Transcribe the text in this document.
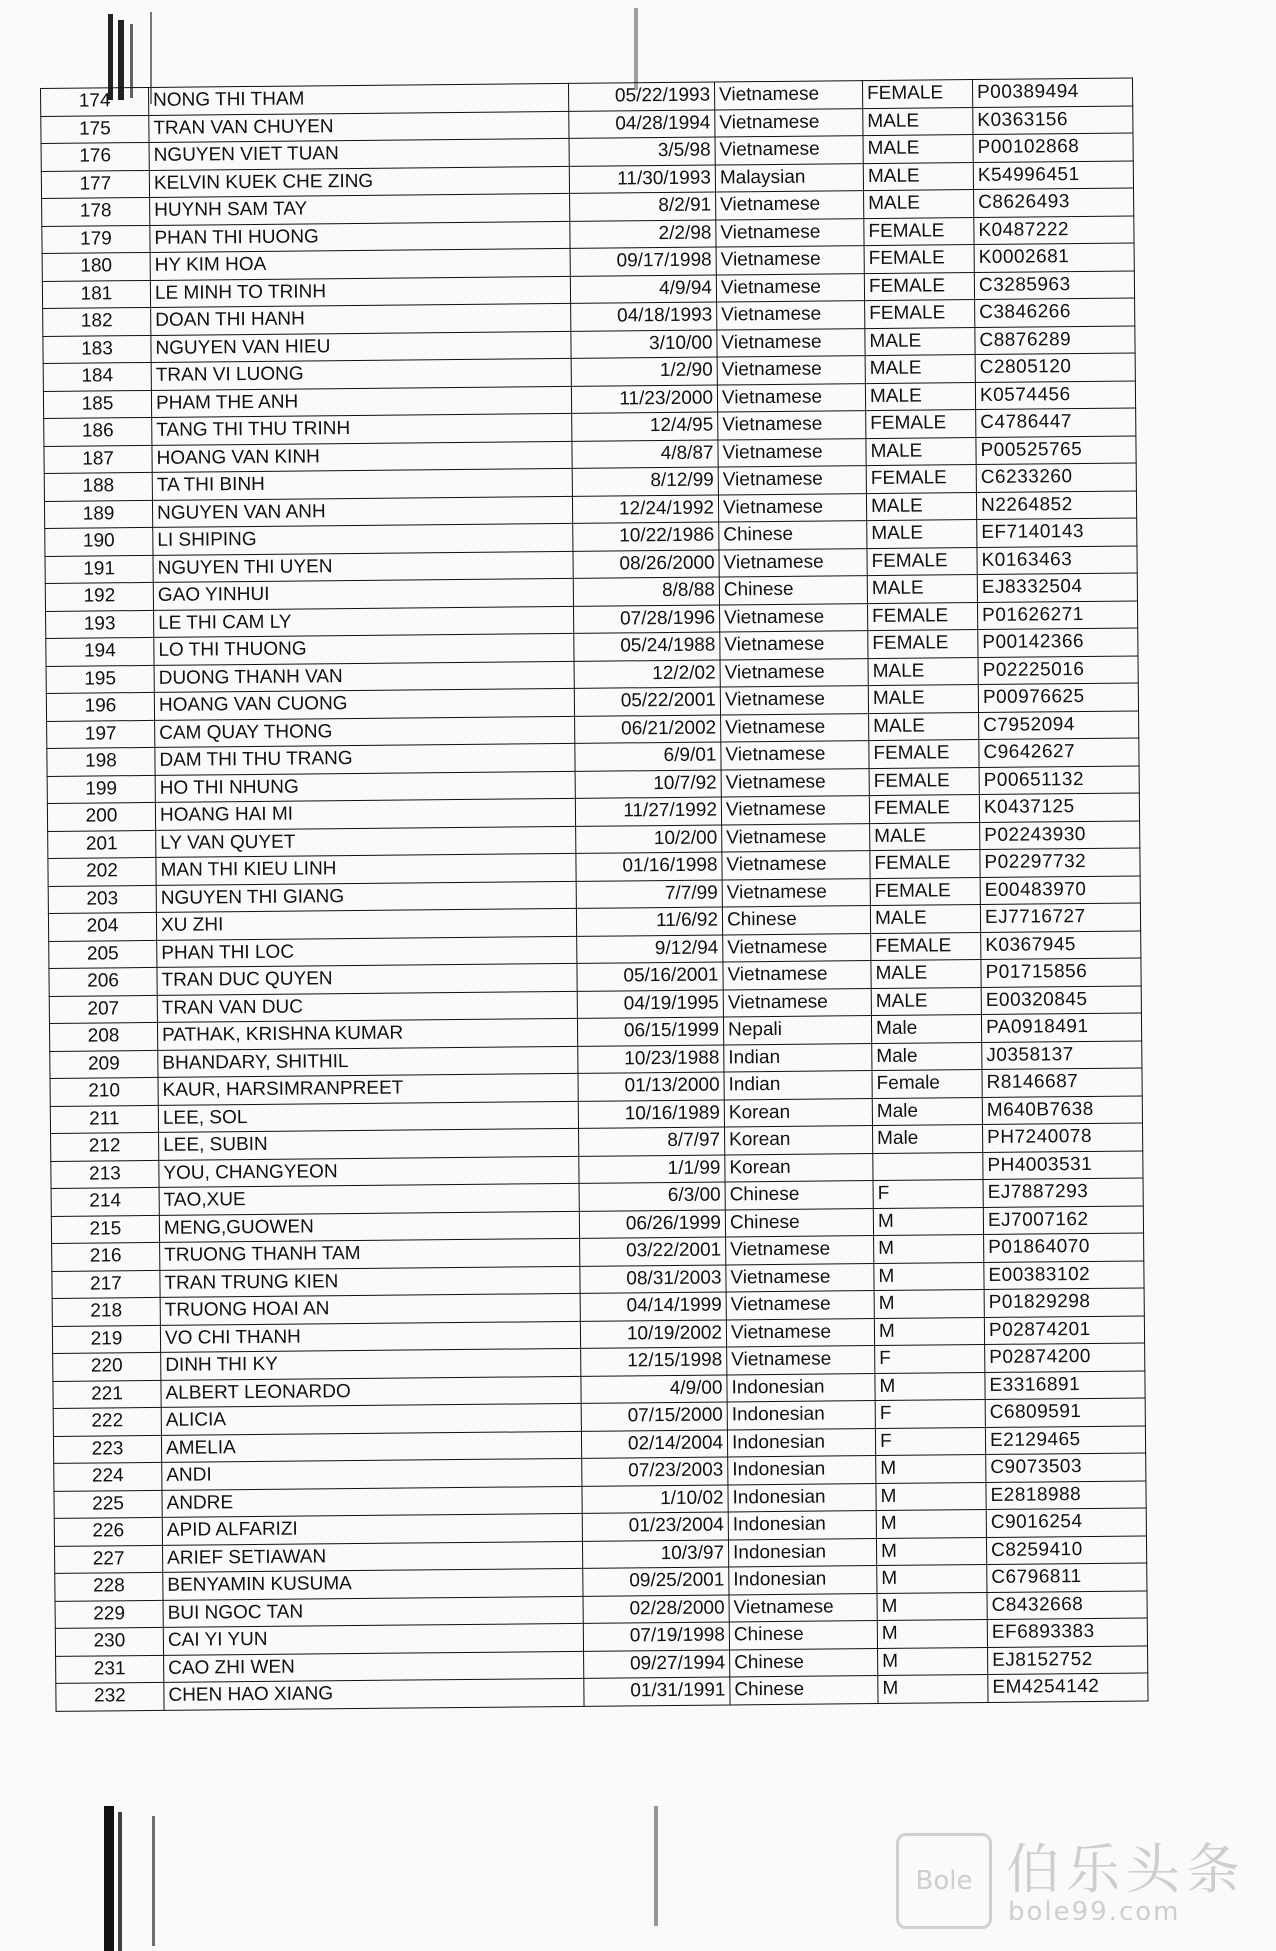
174	NONG THI THAM	05/22/1993	Vietnamese	FEMALE	P00389494
175	TRAN VAN CHUYEN	04/28/1994	Vietnamese	MALE	K0363156
176	NGUYEN VIET TUAN	3/5/98	Vietnamese	MALE	P00102868
177	KELVIN KUEK CHE ZING	11/30/1993	Malaysian	MALE	K54996451
178	HUYNH SAM TAY	8/2/91	Vietnamese	MALE	C8626493
179	PHAN THI HUONG	2/2/98	Vietnamese	FEMALE	K0487222
180	HY KIM HOA	09/17/1998	Vietnamese	FEMALE	K0002681
181	LE MINH TO TRINH	4/9/94	Vietnamese	FEMALE	C3285963
182	DOAN THI HANH	04/18/1993	Vietnamese	FEMALE	C3846266
183	NGUYEN VAN HIEU	3/10/00	Vietnamese	MALE	C8876289
184	TRAN VI LUONG	1/2/90	Vietnamese	MALE	C2805120
185	PHAM THE ANH	11/23/2000	Vietnamese	MALE	K0574456
186	TANG THI THU TRINH	12/4/95	Vietnamese	FEMALE	C4786447
187	HOANG VAN KINH	4/8/87	Vietnamese	MALE	P00525765
188	TA THI BINH	8/12/99	Vietnamese	FEMALE	C6233260
189	NGUYEN VAN ANH	12/24/1992	Vietnamese	MALE	N2264852
190	LI SHIPING	10/22/1986	Chinese	MALE	EF7140143
191	NGUYEN THI UYEN	08/26/2000	Vietnamese	FEMALE	K0163463
192	GAO YINHUI	8/8/88	Chinese	MALE	EJ8332504
193	LE THI CAM LY	07/28/1996	Vietnamese	FEMALE	P01626271
194	LO THI THUONG	05/24/1988	Vietnamese	FEMALE	P00142366
195	DUONG THANH VAN	12/2/02	Vietnamese	MALE	P02225016
196	HOANG VAN CUONG	05/22/2001	Vietnamese	MALE	P00976625
197	CAM QUAY THONG	06/21/2002	Vietnamese	MALE	C7952094
198	DAM THI THU TRANG	6/9/01	Vietnamese	FEMALE	C9642627
199	HO THI NHUNG	10/7/92	Vietnamese	FEMALE	P00651132
200	HOANG HAI MI	11/27/1992	Vietnamese	FEMALE	K0437125
201	LY VAN QUYET	10/2/00	Vietnamese	MALE	P02243930
202	MAN THI KIEU LINH	01/16/1998	Vietnamese	FEMALE	P02297732
203	NGUYEN THI GIANG	7/7/99	Vietnamese	FEMALE	E00483970
204	XU ZHI	11/6/92	Chinese	MALE	EJ7716727
205	PHAN THI LOC	9/12/94	Vietnamese	FEMALE	K0367945
206	TRAN DUC QUYEN	05/16/2001	Vietnamese	MALE	P01715856
207	TRAN VAN DUC	04/19/1995	Vietnamese	MALE	E00320845
208	PATHAK, KRISHNA KUMAR	06/15/1999	Nepali	Male	PA0918491
209	BHANDARY, SHITHIL	10/23/1988	Indian	Male	J0358137
210	KAUR, HARSIMRANPREET	01/13/2000	Indian	Female	R8146687
211	LEE, SOL	10/16/1989	Korean	Male	M640B7638
212	LEE, SUBIN	8/7/97	Korean	Male	PH7240078
213	YOU, CHANGYEON	1/1/99	Korean		PH4003531
214	TAO,XUE	6/3/00	Chinese	F	EJ7887293
215	MENG,GUOWEN	06/26/1999	Chinese	M	EJ7007162
216	TRUONG THANH TAM	03/22/2001	Vietnamese	M	P01864070
217	TRAN TRUNG KIEN	08/31/2003	Vietnamese	M	E00383102
218	TRUONG HOAI AN	04/14/1999	Vietnamese	M	P01829298
219	VO CHI THANH	10/19/2002	Vietnamese	M	P02874201
220	DINH THI KY	12/15/1998	Vietnamese	F	P02874200
221	ALBERT LEONARDO	4/9/00	Indonesian	M	E3316891
222	ALICIA	07/15/2000	Indonesian	F	C6809591
223	AMELIA	02/14/2004	Indonesian	F	E2129465
224	ANDI	07/23/2003	Indonesian	M	C9073503
225	ANDRE	1/10/02	Indonesian	M	E2818988
226	APID ALFARIZI	01/23/2004	Indonesian	M	C9016254
227	ARIEF SETIAWAN	10/3/97	Indonesian	M	C8259410
228	BENYAMIN KUSUMA	09/25/2001	Indonesian	M	C6796811
229	BUI NGOC TAN	02/28/2000	Vietnamese	M	C8432668
230	CAI YI YUN	07/19/1998	Chinese	M	EF6893383
231	CAO ZHI WEN	09/27/1994	Chinese	M	EJ8152752
232	CHEN HAO XIANG	01/31/1991	Chinese	M	EM4254142
Bole 伯乐头条
bole99.com
